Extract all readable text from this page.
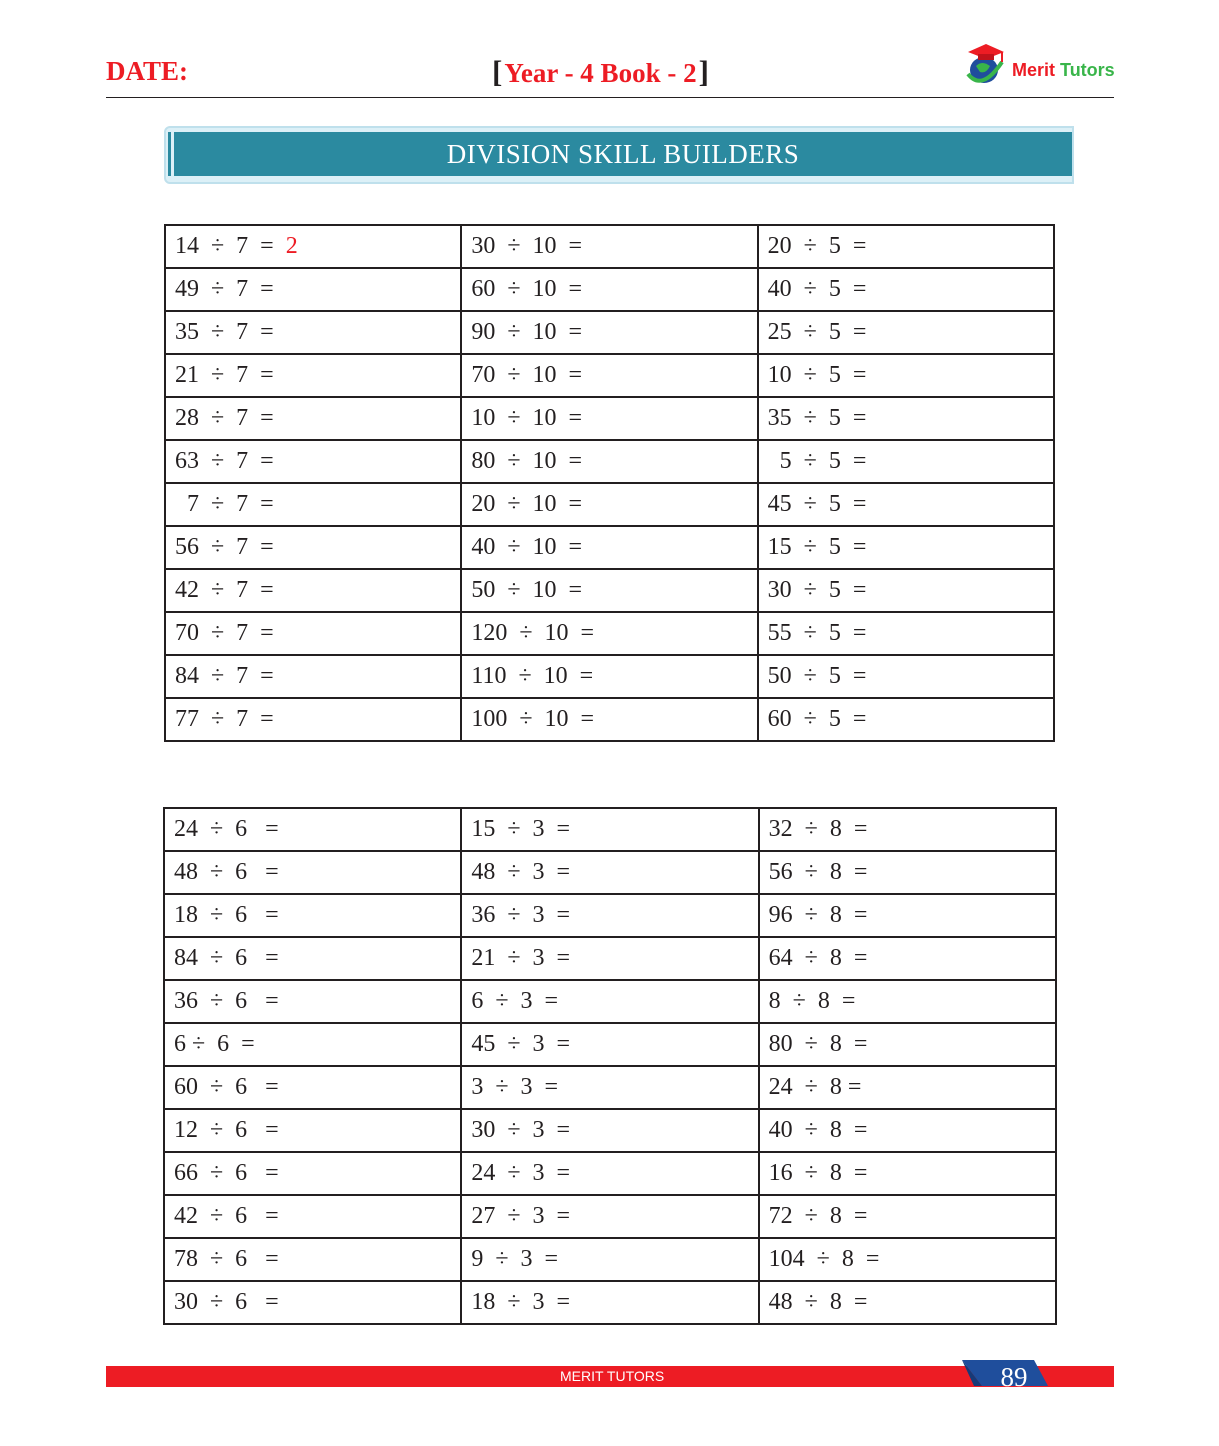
DATE:	[Year - 4 Book - 2]	Merit Tutors
DIVISION SKILL BUILDERS
14  ÷  7  =  2	30  ÷  10  =	20  ÷  5  =
49  ÷  7  =	60  ÷  10  =	40  ÷  5  =
35  ÷  7  =	90  ÷  10  =	25  ÷  5  =
21  ÷  7  =	70  ÷  10  =	10  ÷  5  =
28  ÷  7  =	10  ÷  10  =	35  ÷  5  =
63  ÷  7  =	80  ÷  10  =	5  ÷  5  =
7  ÷  7  =	20  ÷  10  =	45  ÷  5  =
56  ÷  7  =	40  ÷  10  =	15  ÷  5  =
42  ÷  7  =	50  ÷  10  =	30  ÷  5  =
70  ÷  7  =	120  ÷  10  =	55  ÷  5  =
84  ÷  7  =	110  ÷  10  =	50  ÷  5  =
77  ÷  7  =	100  ÷  10  =	60  ÷  5  =
24  ÷  6   =	15  ÷  3  =	32  ÷  8  =
48  ÷  6   =	48  ÷  3  =	56  ÷  8  =
18  ÷  6   =	36  ÷  3  =	96  ÷  8  =
84  ÷  6   =	21  ÷  3  =	64  ÷  8  =
36  ÷  6   =	6  ÷  3  =	8  ÷  8  =
6 ÷  6  =	45  ÷  3  =	80  ÷  8  =
60  ÷  6   =	3  ÷  3  =	24  ÷  8 =
12  ÷  6   =	30  ÷  3  =	40  ÷  8  =
66  ÷  6   =	24  ÷  3  =	16  ÷  8  =
42  ÷  6   =	27  ÷  3  =	72  ÷  8  =
78  ÷  6   =	9  ÷  3  =	104  ÷  8  =
30  ÷  6   =	18  ÷  3  =	48  ÷  8  =
MERIT TUTORS	89
